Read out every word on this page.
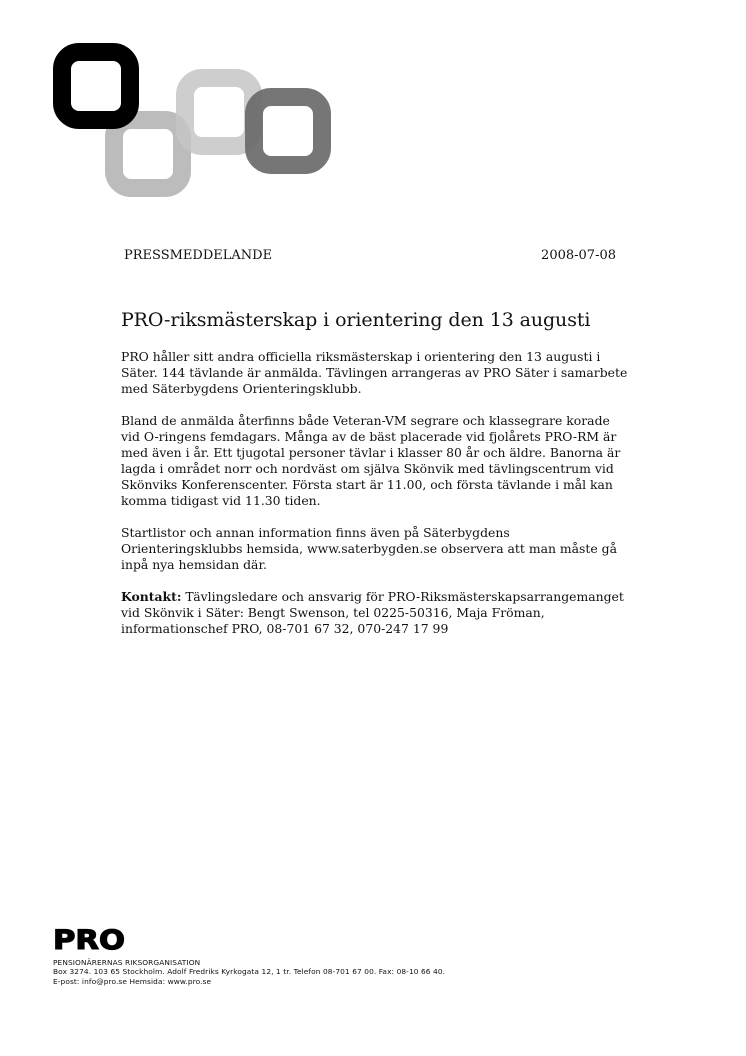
PRESSMEDDELANDE	2008-07-08
PRO-riksmästerskap i orientering den 13 augusti

PRO håller sitt andra officiella riksmästerskap i orientering den 13 augusti i Säter. 144 tävlande är anmälda. Tävlingen arrangeras av PRO Säter i samarbete med Säterbygdens Orienteringsklubb.

Bland de anmälda återfinns både Veteran-VM segrare och klassegrare korade vid O-ringens femdagars. Många av de bäst placerade vid fjolårets PRO-RM är med även i år. Ett tjugotal personer tävlar i klasser 80 år och äldre. Banorna är lagda i området norr och nordväst om själva Skönvik med tävlingscentrum vid Skönviks Konferenscenter. Första start är 11.00, och första tävlande i mål kan komma tidigast vid 11.30 tiden.

Startlistor och annan information finns även på Säterbygdens Orienteringsklubbs hemsida, www.saterbygden.se observera att man måste gå inpå nya hemsidan där.

Kontakt: Tävlingsledare och ansvarig för PRO-Riksmästerskapsarrangemanget vid Skönvik i Säter: Bengt Swenson, tel 0225-50316, Maja Fröman, informationschef PRO, 08-701 67 32, 070-247 17 99

PRO
PENSIONÄRERNAS RIKSORGANISATION
Box 3274. 103 65 Stockholm. Adolf Fredriks Kyrkogata 12, 1 tr. Telefon 08-701 67 00. Fax: 08-10 66 40.
E-post: info@pro.se Hemsida: www.pro.se
